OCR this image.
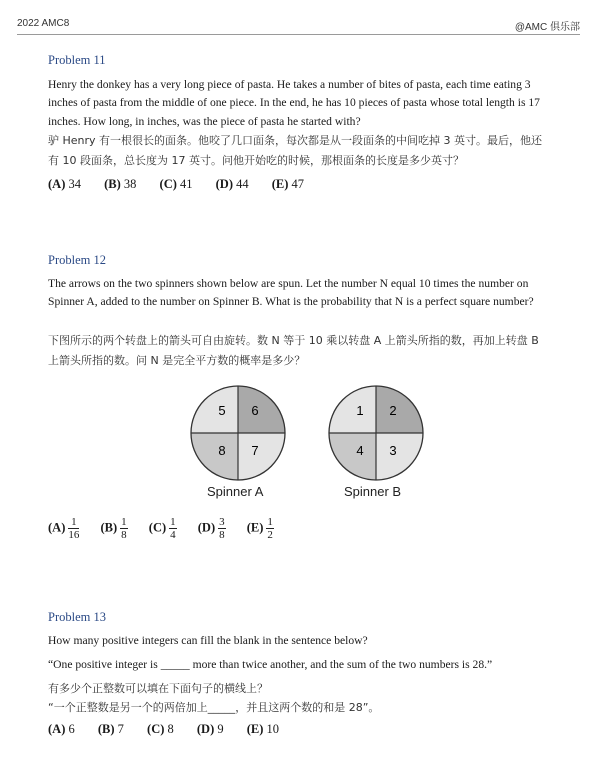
2022 AMC8	@AMC 俱乐部
Problem 11
Henry the donkey has a very long piece of pasta. He takes a number of bites of pasta, each time eating 3 inches of pasta from the middle of one piece. In the end, he has 10 pieces of pasta whose total length is 17 inches. How long, in inches, was the piece of pasta he started with?
驴 Henry 有一根很长的面条。他咬了几口面条，每次都是从一段面条的中间吃掉 3 英寸。最后，他还有 10 段面条，总长度为 17 英寸。问他开始吃的时候，那根面条的长度是多少英寸？
(A) 34 (B) 38 (C) 41 (D) 44 (E) 47
Problem 12
The arrows on the two spinners shown below are spun. Let the number N equal 10 times the number on Spinner A, added to the number on Spinner B. What is the probability that N is a perfect square number?
下图所示的两个转盘上的箭头可自由旋转。数 N 等于 10 乘以转盘 A 上箭头所指的数，再加上转盘 B 上箭头所指的数。问 N 是完全平方数的概率是多少？
5 6
8 7
Spinner A
1 2
4 3
Spinner B
$(A) \frac{1}{16} (B) \frac{1}{8} (C) \frac{1}{4} (D) \frac{3}{8} (E) \frac{1}{2}$
Problem 13
How many positive integers can fill the blank in the sentence below?
“One positive integer is _____ more than twice another, and the sum of the two numbers is 28.”
有多少个正整数可以填在下面句子的横线上？
“一个正整数是另一个的两倍加上_____，并且这两个数的和是 28”。
(A) 6 (B) 7 (C) 8 (D) 9 (E) 10
